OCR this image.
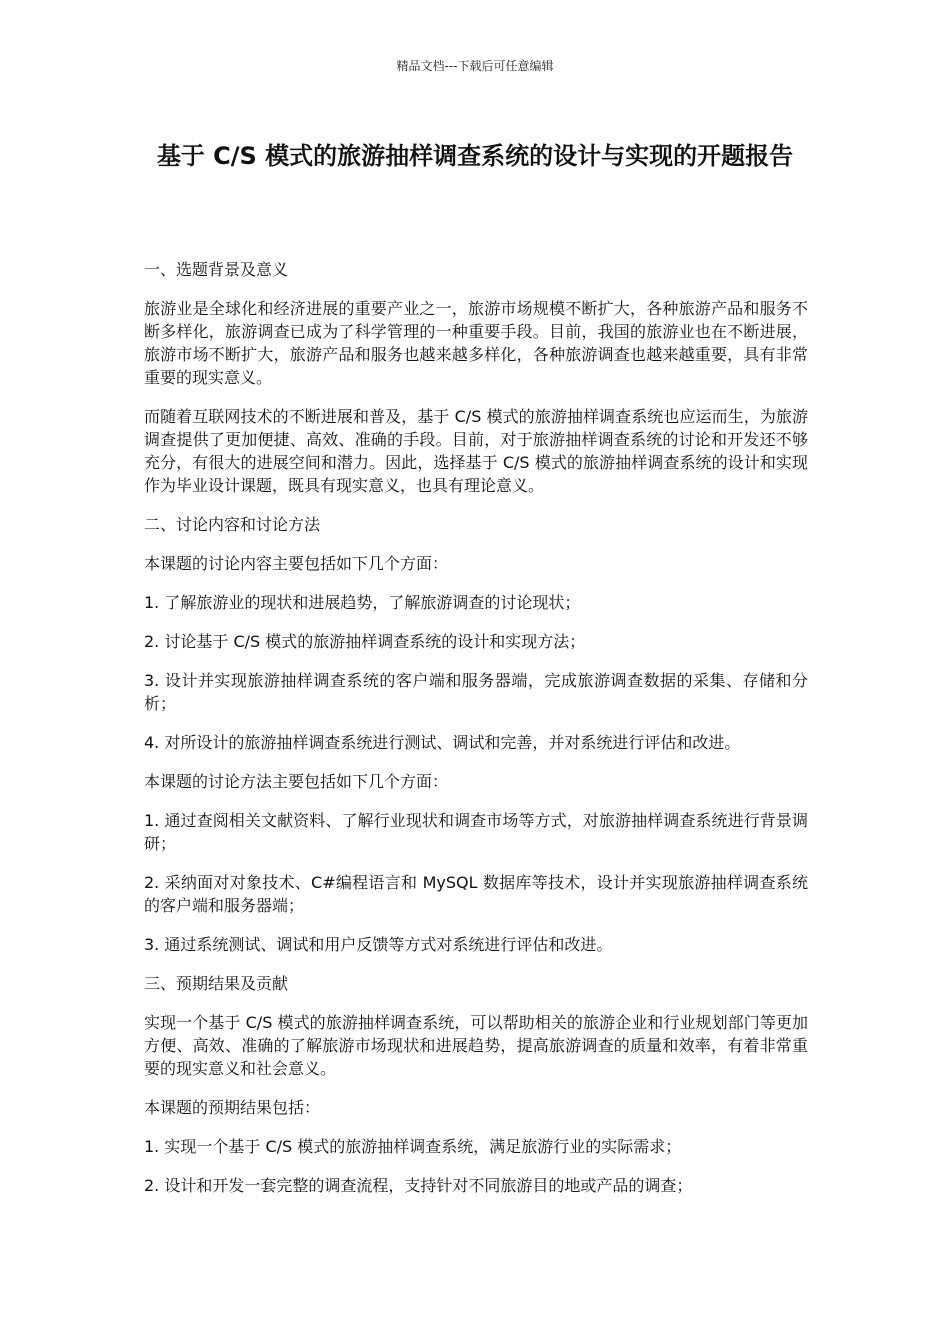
精品文档---下载后可任意编辑
基于 C/S 模式的旅游抽样调查系统的设计与实现的开题报告

一、选题背景及意义

旅游业是全球化和经济进展的重要产业之一，旅游市场规模不断扩大，各种旅游产品和服务不断多样化，旅游调查已成为了科学管理的一种重要手段。目前，我国的旅游业也在不断进展，旅游市场不断扩大，旅游产品和服务也越来越多样化，各种旅游调查也越来越重要，具有非常重要的现实意义。

而随着互联网技术的不断进展和普及，基于 C/S 模式的旅游抽样调查系统也应运而生，为旅游调查提供了更加便捷、高效、准确的手段。目前，对于旅游抽样调查系统的讨论和开发还不够充分，有很大的进展空间和潜力。因此，选择基于 C/S 模式的旅游抽样调查系统的设计和实现作为毕业设计课题，既具有现实意义，也具有理论意义。

二、讨论内容和讨论方法

本课题的讨论内容主要包括如下几个方面：

1. 了解旅游业的现状和进展趋势，了解旅游调查的讨论现状；

2. 讨论基于 C/S 模式的旅游抽样调查系统的设计和实现方法；

3. 设计并实现旅游抽样调查系统的客户端和服务器端，完成旅游调查数据的采集、存储和分析；

4. 对所设计的旅游抽样调查系统进行测试、调试和完善，并对系统进行评估和改进。

本课题的讨论方法主要包括如下几个方面：

1. 通过查阅相关文献资料、了解行业现状和调查市场等方式，对旅游抽样调查系统进行背景调研；

2. 采纳面对对象技术、C#编程语言和 MySQL 数据库等技术，设计并实现旅游抽样调查系统的客户端和服务器端；

3. 通过系统测试、调试和用户反馈等方式对系统进行评估和改进。

三、预期结果及贡献

实现一个基于 C/S 模式的旅游抽样调查系统，可以帮助相关的旅游企业和行业规划部门等更加方便、高效、准确的了解旅游市场现状和进展趋势，提高旅游调查的质量和效率，有着非常重要的现实意义和社会意义。

本课题的预期结果包括：

1. 实现一个基于 C/S 模式的旅游抽样调查系统，满足旅游行业的实际需求；

2. 设计和开发一套完整的调查流程，支持针对不同旅游目的地或产品的调查；
